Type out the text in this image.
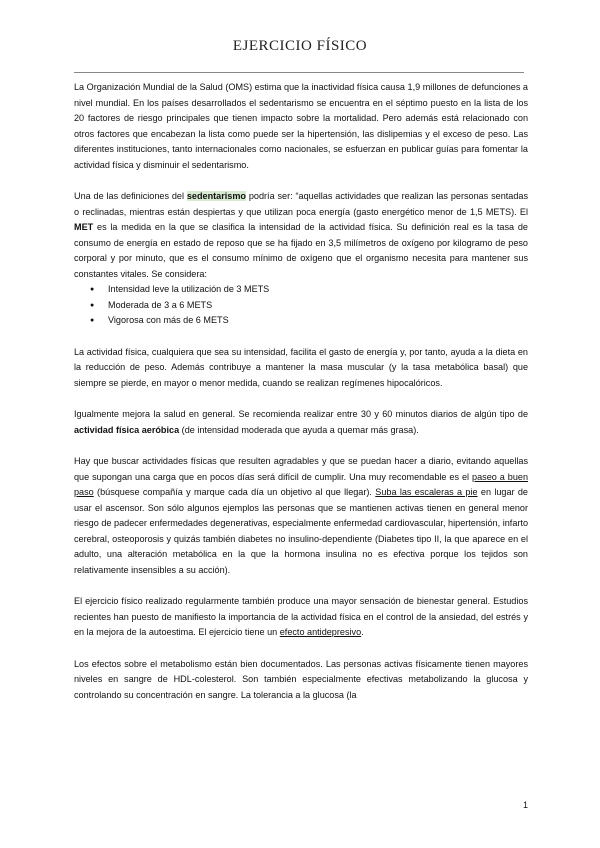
EJERCICIO FÍSICO

La Organización Mundial de la Salud (OMS) estima que la inactividad física causa 1,9 millones de defunciones a nivel mundial. En los países desarrollados el sedentarismo se encuentra en el séptimo puesto en la lista de los 20 factores de riesgo principales que tienen impacto sobre la mortalidad. Pero además está relacionado con otros factores que encabezan la lista como puede ser la hipertensión, las dislipemias y el exceso de peso. Las diferentes instituciones, tanto internacionales como nacionales, se esfuerzan en publicar guías para fomentar la actividad física y disminuir el sedentarismo.

Una de las definiciones del sedentarismo podría ser: “aquellas actividades que realizan las personas sentadas o reclinadas, mientras están despiertas y que utilizan poca energía (gasto energético menor de 1,5 METS). El MET es la medida en la que se clasifica la intensidad de la actividad física. Su definición real es la tasa de consumo de energía en estado de reposo que se ha fijado en 3,5 milímetros de oxígeno por kilogramo de peso corporal y por minuto, que es el consumo mínimo de oxígeno que el organismo necesita para mantener sus constantes vitales. Se considera:

● Intensidad leve la utilización de 3 METS
● Moderada de 3 a 6 METS
● Vigorosa con más de 6 METS

La actividad física, cualquiera que sea su intensidad, facilita el gasto de energía y, por tanto, ayuda a la dieta en la reducción de peso. Además contribuye a mantener la masa muscular (y la tasa metabólica basal) que siempre se pierde, en mayor o menor medida, cuando se realizan regímenes hipocalóricos.

Igualmente mejora la salud en general. Se recomienda realizar entre 30 y 60 minutos diarios de algún tipo de actividad física aeróbica (de intensidad moderada que ayuda a quemar más grasa).

Hay que buscar actividades físicas que resulten agradables y que se puedan hacer a diario, evitando aquellas que supongan una carga que en pocos días será difícil de cumplir. Una muy recomendable es el paseo a buen paso (búsquese compañía y marque cada día un objetivo al que llegar). Suba las escaleras a pie en lugar de usar el ascensor. Son sólo algunos ejemplos las personas que se mantienen activas tienen en general menor riesgo de padecer enfermedades degenerativas, especialmente enfermedad cardiovascular, hipertensión, infarto cerebral, osteoporosis y quizás también diabetes no insulino-dependiente (Diabetes tipo II, la que aparece en el adulto, una alteración metabólica en la que la hormona insulina no es efectiva porque los tejidos son relativamente insensibles a su acción).

El ejercicio físico realizado regularmente también produce una mayor sensación de bienestar general. Estudios recientes han puesto de manifiesto la importancia de la actividad física en el control de la ansiedad, del estrés y en la mejora de la autoestima. El ejercicio tiene un efecto antidepresivo.

Los efectos sobre el metabolismo están bien documentados. Las personas activas físicamente tienen mayores niveles en sangre de HDL-colesterol. Son también especialmente efectivas metabolizando la glucosa y controlando su concentración en sangre. La tolerancia a la glucosa (la

1
